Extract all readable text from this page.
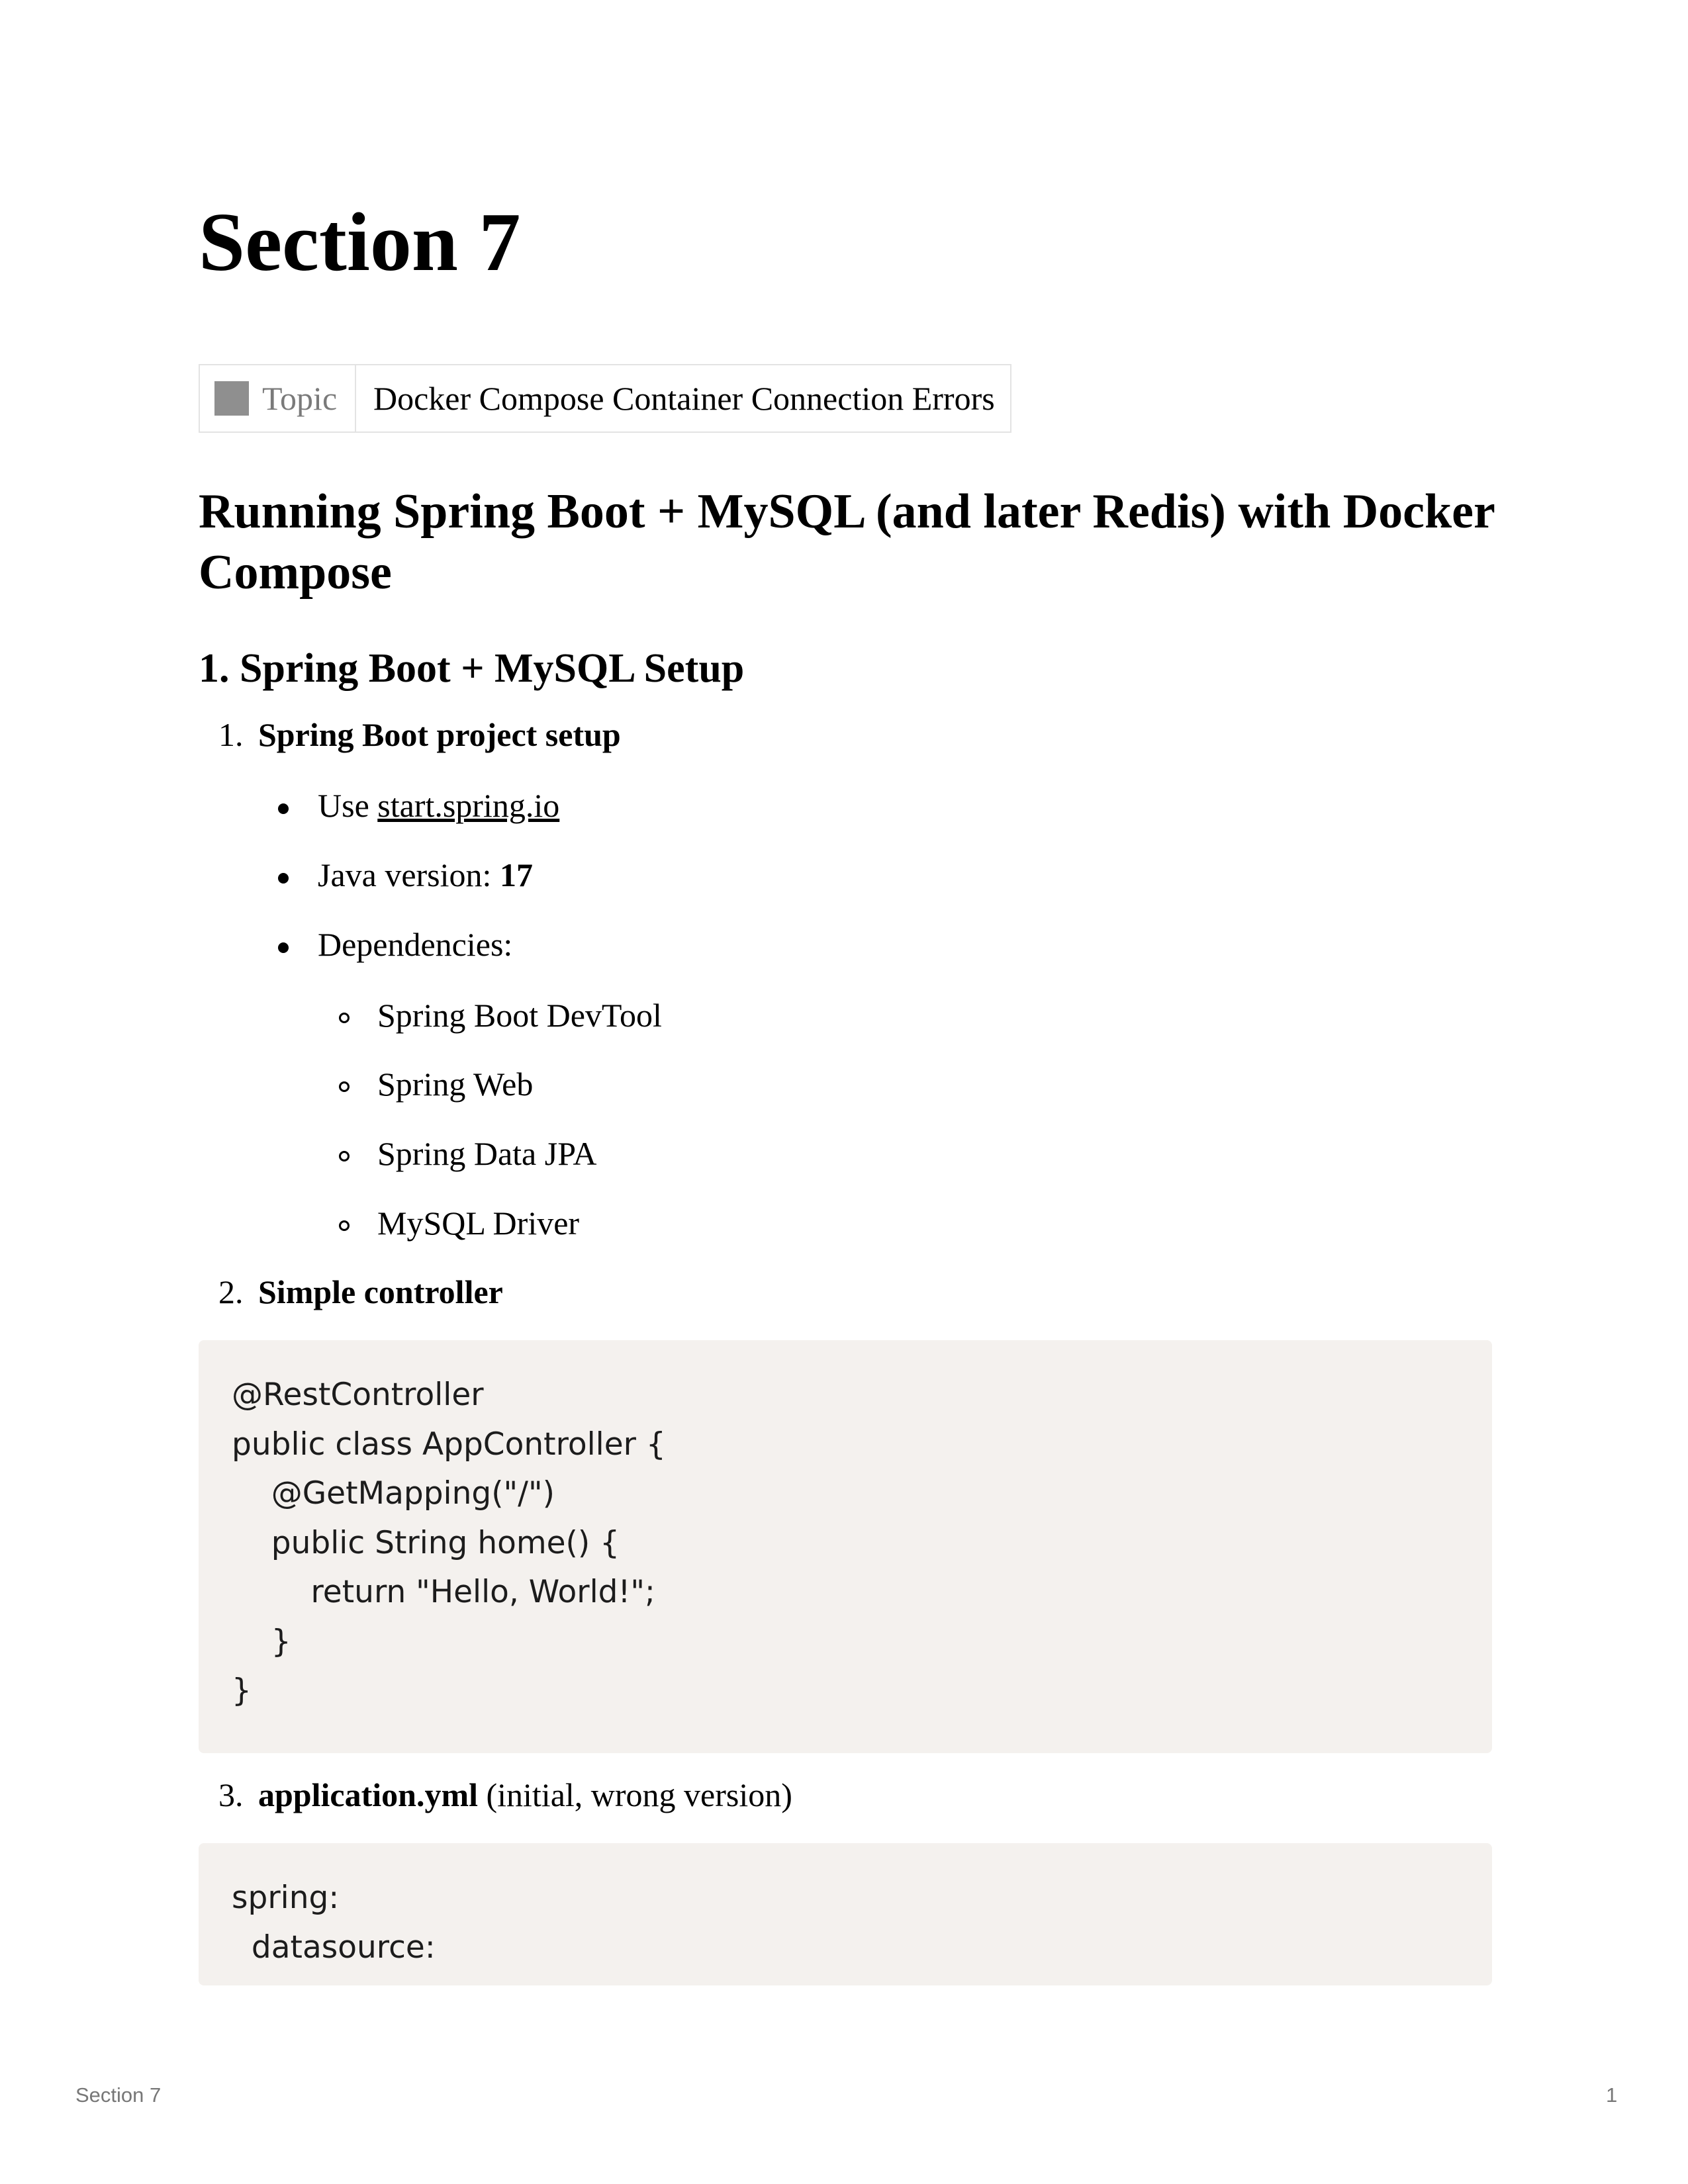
Section 7
Topic	Docker Compose Container Connection Errors
Running Spring Boot + MySQL (and later Redis) with Docker Compose
1. Spring Boot + MySQL Setup
1. Spring Boot project setup
Use start.spring.io
Java version: 17
Dependencies:
Spring Boot DevTool
Spring Web
Spring Data JPA
MySQL Driver
2. Simple controller
@RestController
public class AppController {
@GetMapping("/")
public String home() {
return "Hello, World!";
}
}
3. application.yml (initial, wrong version)
spring:
datasource:
Section 7	1
